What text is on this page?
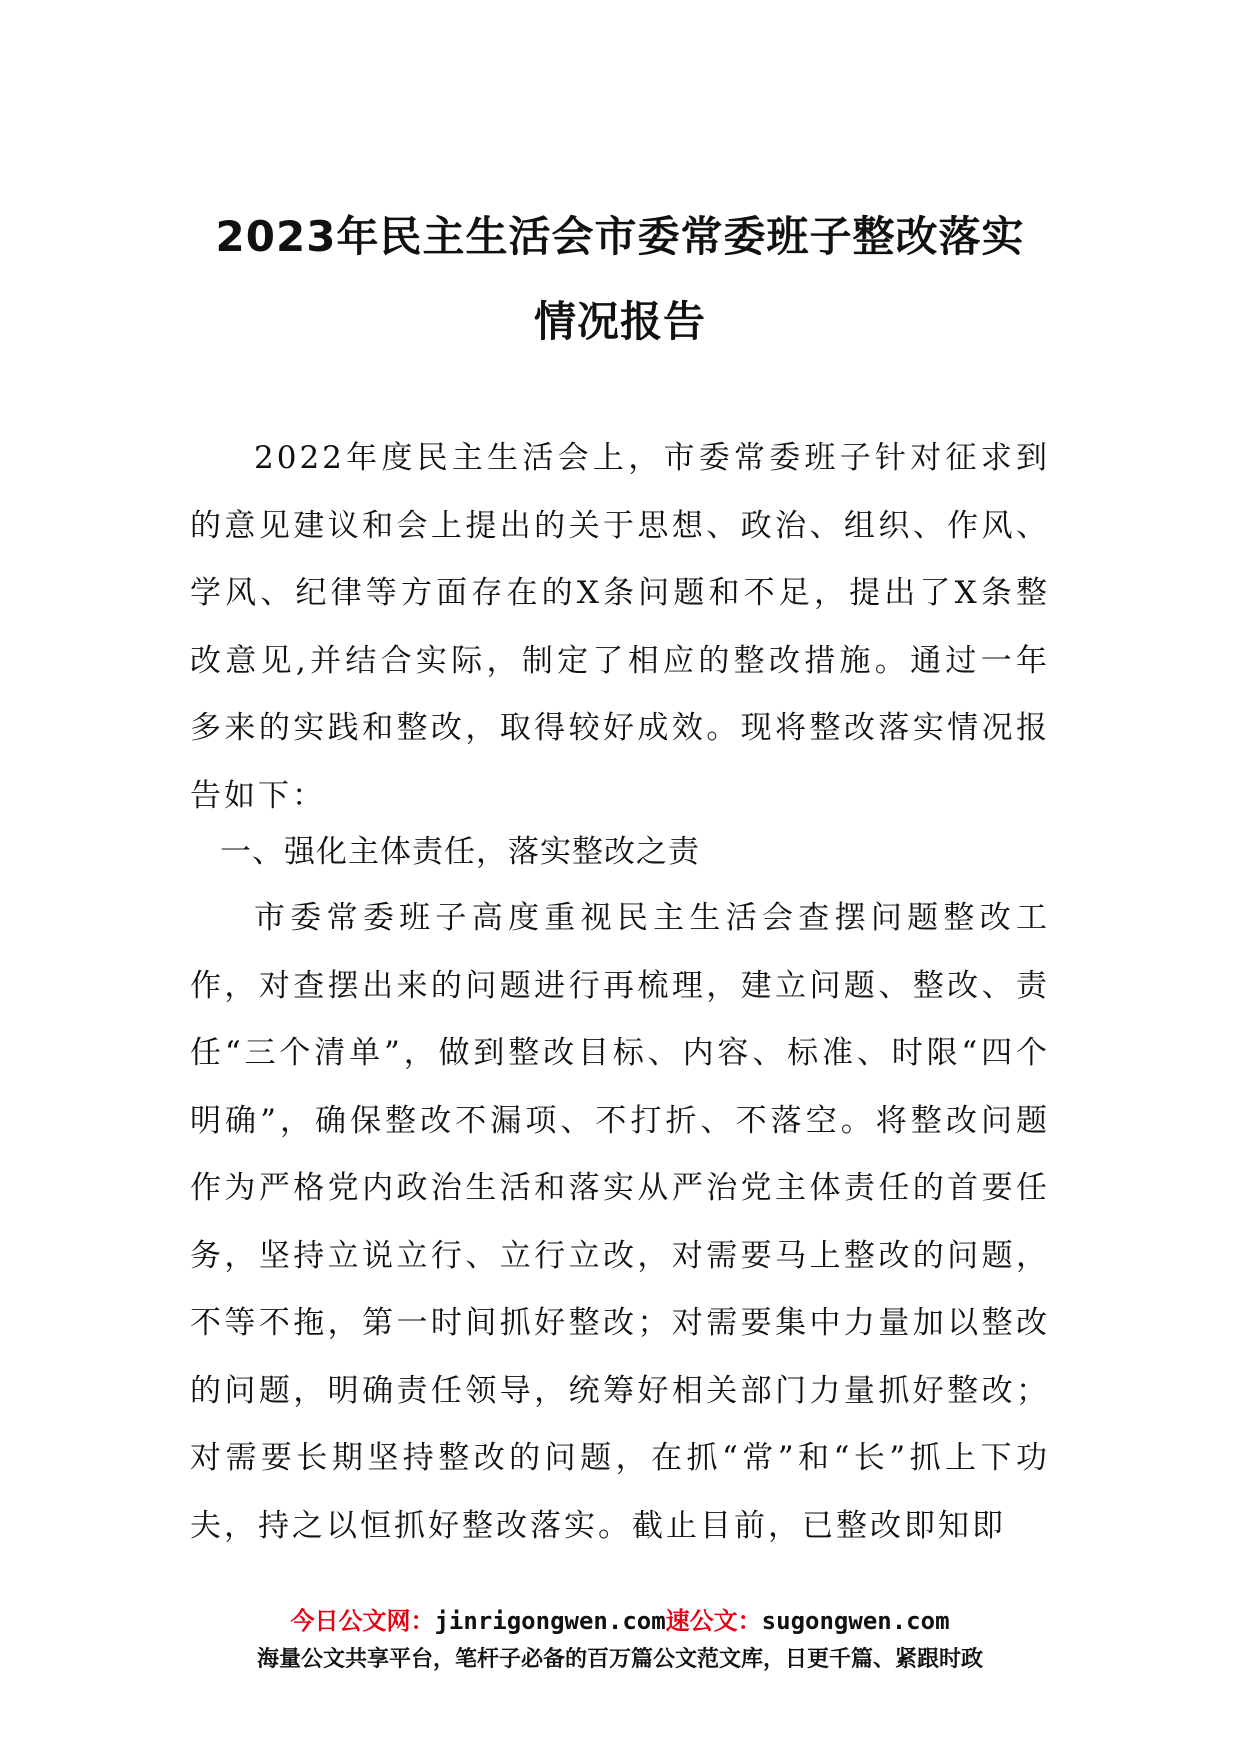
2023年民主生活会市委常委班子整改落实
情况报告
2022年度民主生活会上，市委常委班子针对征求到的意见建议和会上提出的关于思想、政治、组织、作风、学风、纪律等方面存在的X条问题和不足，提出了X条整改意见,并结合实际，制定了相应的整改措施。通过一年多来的实践和整改，取得较好成效。现将整改落实情况报告如下：
一、强化主体责任，落实整改之责
市委常委班子高度重视民主生活会查摆问题整改工作，对查摆出来的问题进行再梳理，建立问题、整改、责任“三个清单”，做到整改目标、内容、标准、时限“四个明确”，确保整改不漏项、不打折、不落空。将整改问题作为严格党内政治生活和落实从严治党主体责任的首要任务，坚持立说立行、立行立改，对需要马上整改的问题，不等不拖，第一时间抓好整改；对需要集中力量加以整改的问题，明确责任领导，统筹好相关部门力量抓好整改；对需要长期坚持整改的问题，在抓“常”和“长”抓上下功夫，持之以恒抓好整改落实。截止目前，已整改即知即
今日公文网：jinrigongwen.com速公文：sugongwen.com
海量公文共享平台，笔杆子必备的百万篇公文范文库，日更千篇、紧跟时政
